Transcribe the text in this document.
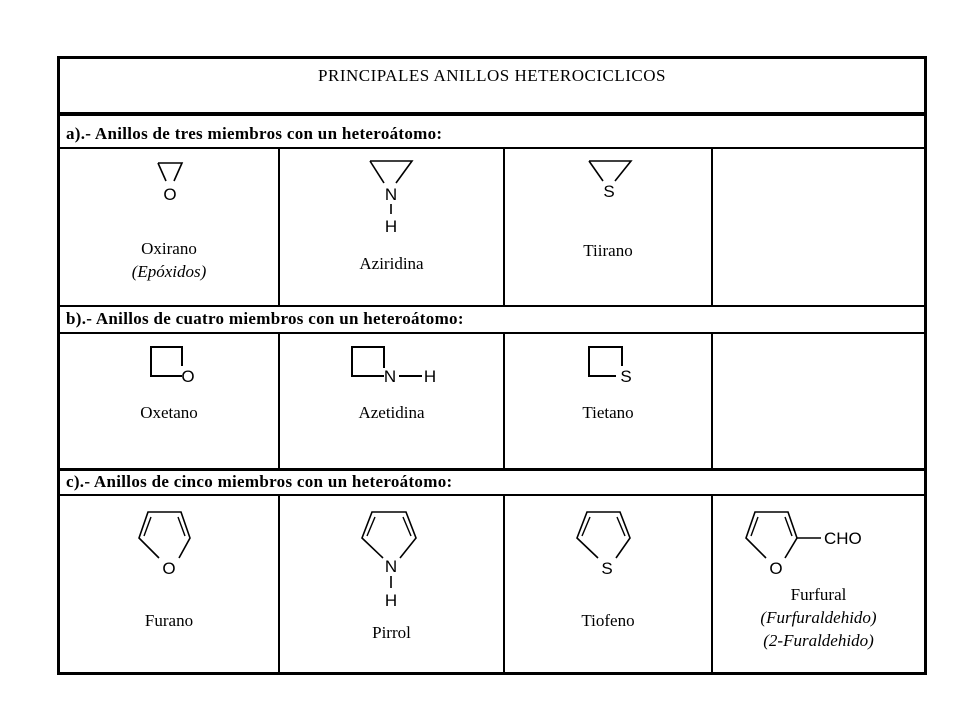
PRINCIPALES ANILLOS HETEROCICLICOS
a).- Anillos de tres miembros con un heteroátomo:
O
Oxirano
(Epóxidos)
N
H
Aziridina
S
Tiirano
b).- Anillos de cuatro miembros con un heteroátomo:
O
Oxetano
N H
Azetidina
S
Tietano
c).- Anillos de cinco miembros con un heteroátomo:
O
Furano
N
H
Pirrol
S
Tiofeno
O
CHO
Furfural
(Furfuraldehido)
(2-Furaldehido)
